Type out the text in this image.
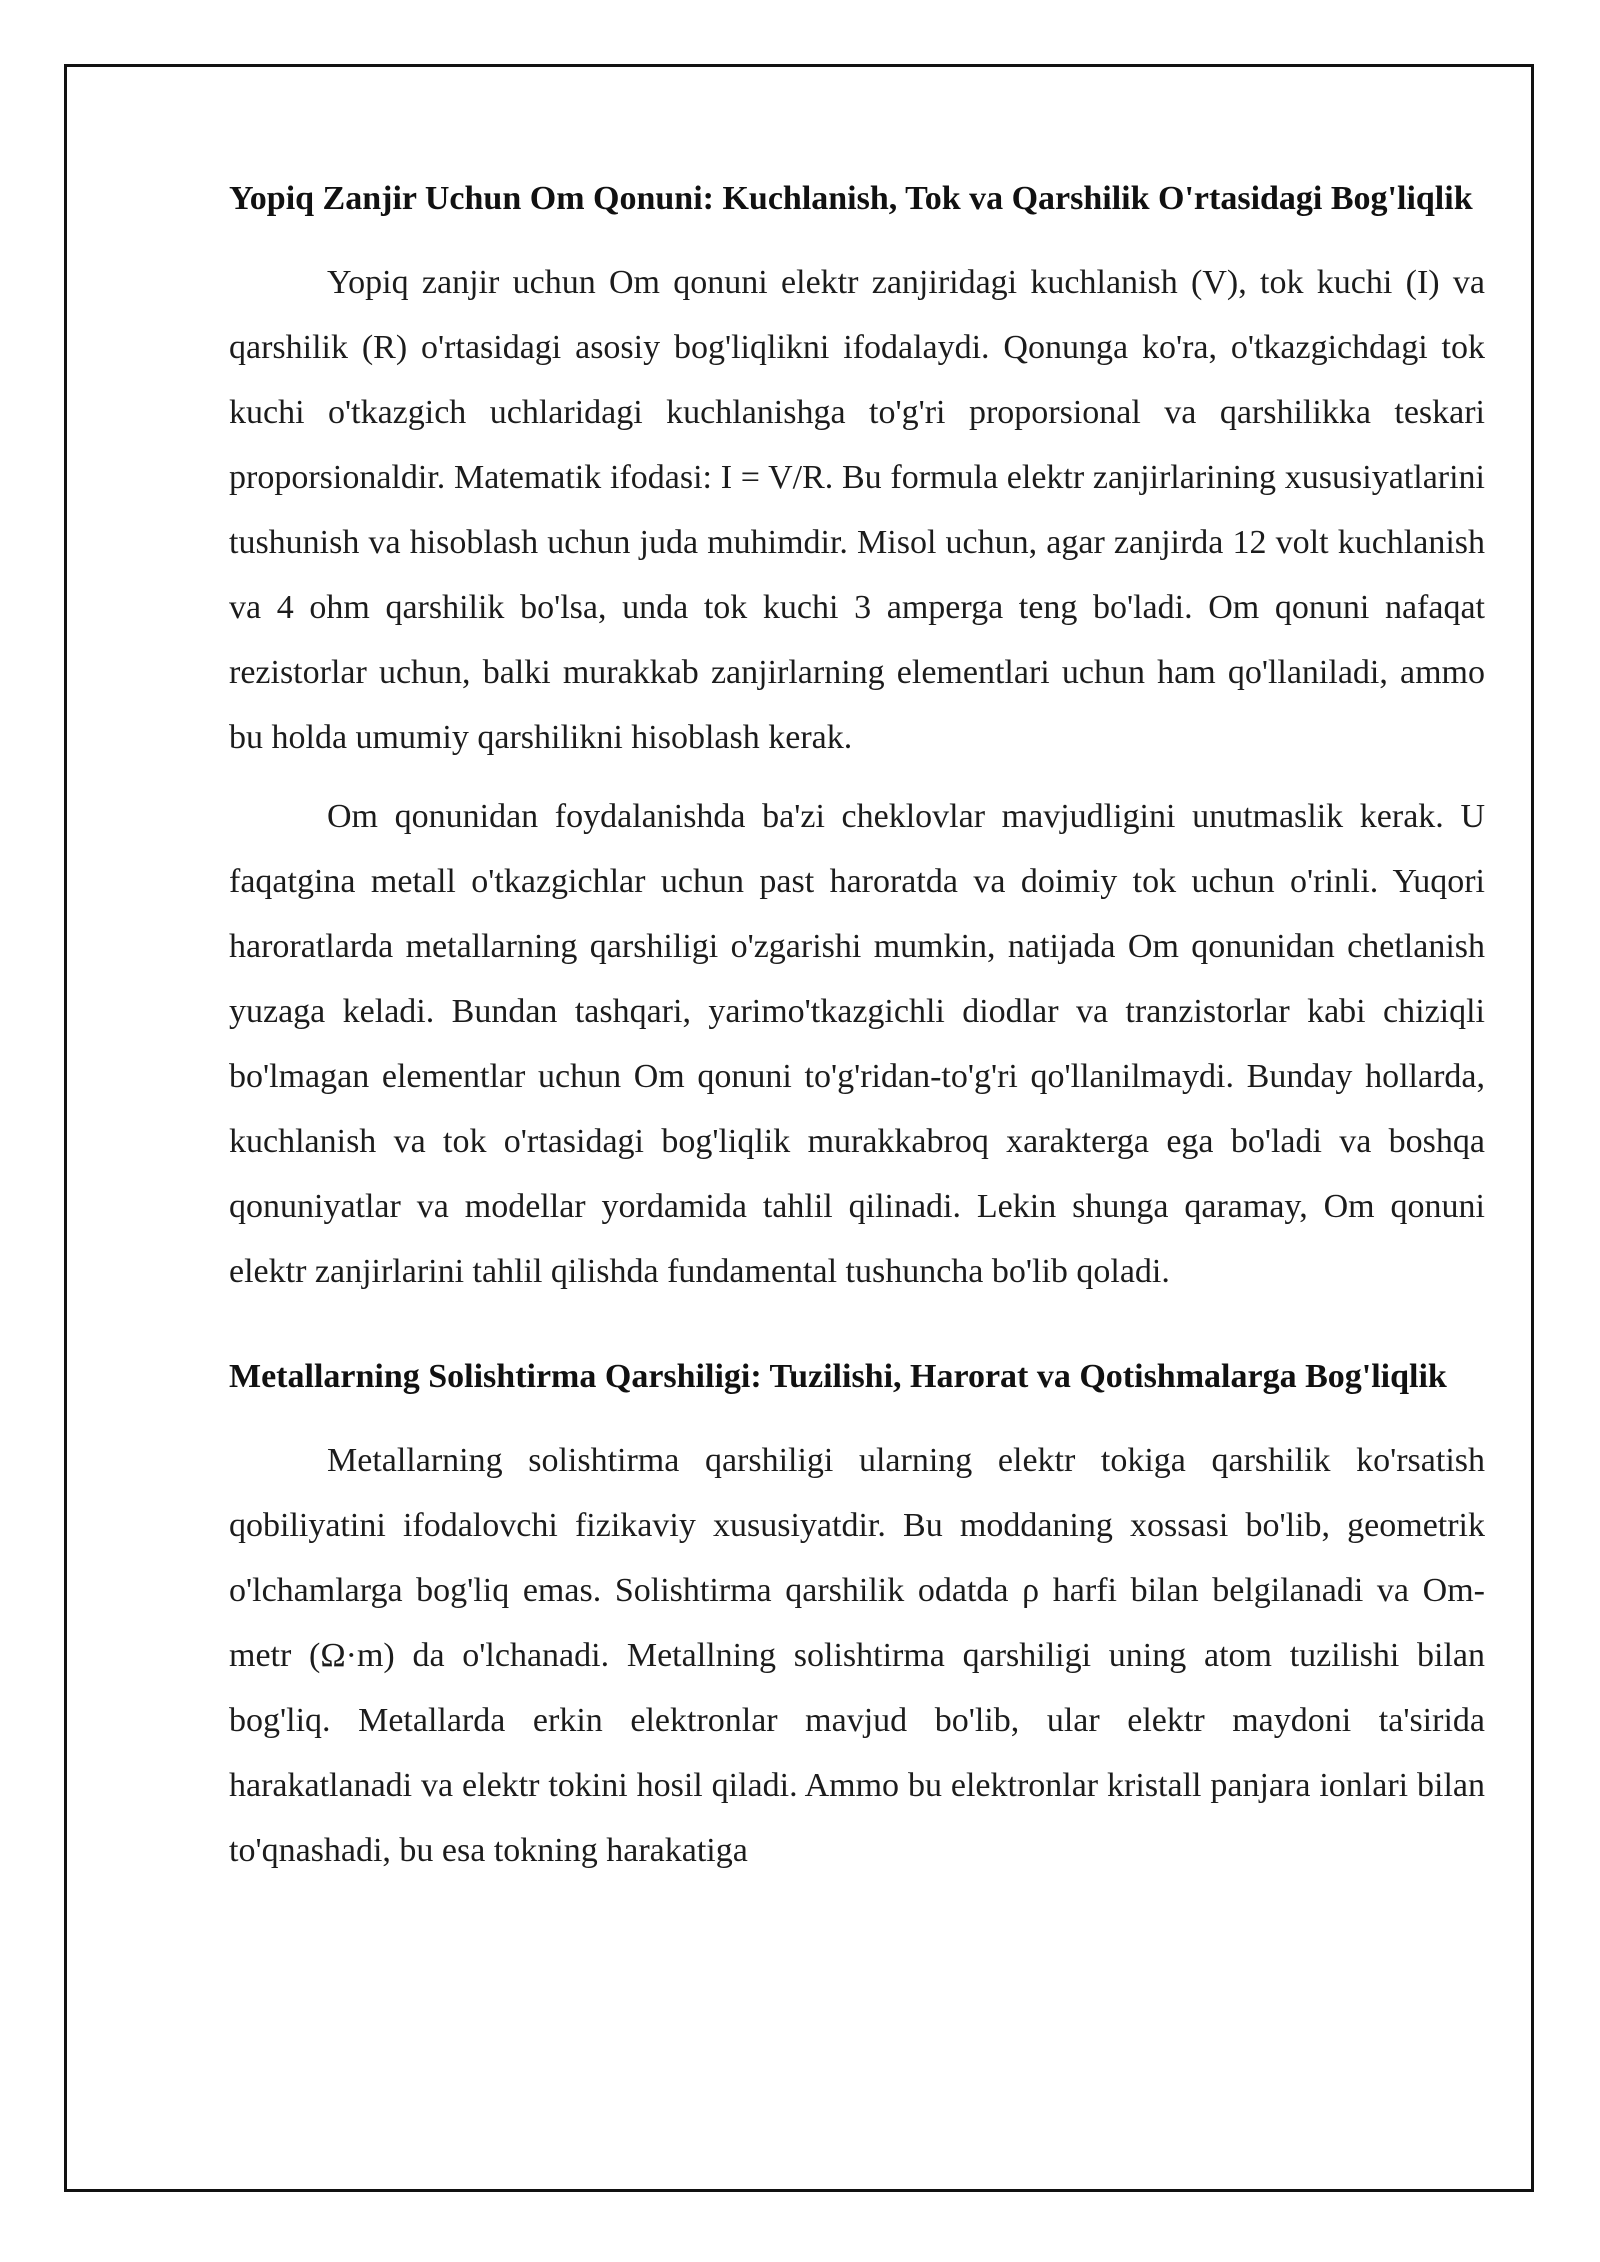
Yopiq Zanjir Uchun Om Qonuni: Kuchlanish, Tok va Qarshilik O'rtasidagi Bog'liqlik

Yopiq zanjir uchun Om qonuni elektr zanjiridagi kuchlanish (V), tok kuchi (I) va qarshilik (R) o'rtasidagi asosiy bog'liqlikni ifodalaydi. Qonunga ko'ra, o'tkazgichdagi tok kuchi o'tkazgich uchlaridagi kuchlanishga to'g'ri proporsional va qarshilikka teskari proporsionaldir. Matematik ifodasi: I = V/R. Bu formula elektr zanjirlarining xususiyatlarini tushunish va hisoblash uchun juda muhimdir. Misol uchun, agar zanjirda 12 volt kuchlanish va 4 ohm qarshilik bo'lsa, unda tok kuchi 3 amperga teng bo'ladi. Om qonuni nafaqat rezistorlar uchun, balki murakkab zanjirlarning elementlari uchun ham qo'llaniladi, ammo bu holda umumiy qarshilikni hisoblash kerak.

Om qonunidan foydalanishda ba'zi cheklovlar mavjudligini unutmaslik kerak. U faqatgina metall o'tkazgichlar uchun past haroratda va doimiy tok uchun o'rinli. Yuqori haroratlarda metallarning qarshiligi o'zgarishi mumkin, natijada Om qonunidan chetlanish yuzaga keladi. Bundan tashqari, yarimo'tkazgichli diodlar va tranzistorlar kabi chiziqli bo'lmagan elementlar uchun Om qonuni to'g'ridan-to'g'ri qo'llanilmaydi. Bunday hollarda, kuchlanish va tok o'rtasidagi bog'liqlik murakkabroq xarakterga ega bo'ladi va boshqa qonuniyatlar va modellar yordamida tahlil qilinadi. Lekin shunga qaramay, Om qonuni elektr zanjirlarini tahlil qilishda fundamental tushuncha bo'lib qoladi.

Metallarning Solishtirma Qarshiligi: Tuzilishi, Harorat va Qotishmalarga Bog'liqlik

Metallarning solishtirma qarshiligi ularning elektr tokiga qarshilik ko'rsatish qobiliyatini ifodalovchi fizikaviy xususiyatdir. Bu moddaning xossasi bo'lib, geometrik o'lchamlarga bog'liq emas. Solishtirma qarshilik odatda ρ harfi bilan belgilanadi va Om-metr (Ω·m) da o'lchanadi. Metallning solishtirma qarshiligi uning atom tuzilishi bilan bog'liq. Metallarda erkin elektronlar mavjud bo'lib, ular elektr maydoni ta'sirida harakatlanadi va elektr tokini hosil qiladi. Ammo bu elektronlar kristall panjara ionlari bilan to'qnashadi, bu esa tokning harakatiga
